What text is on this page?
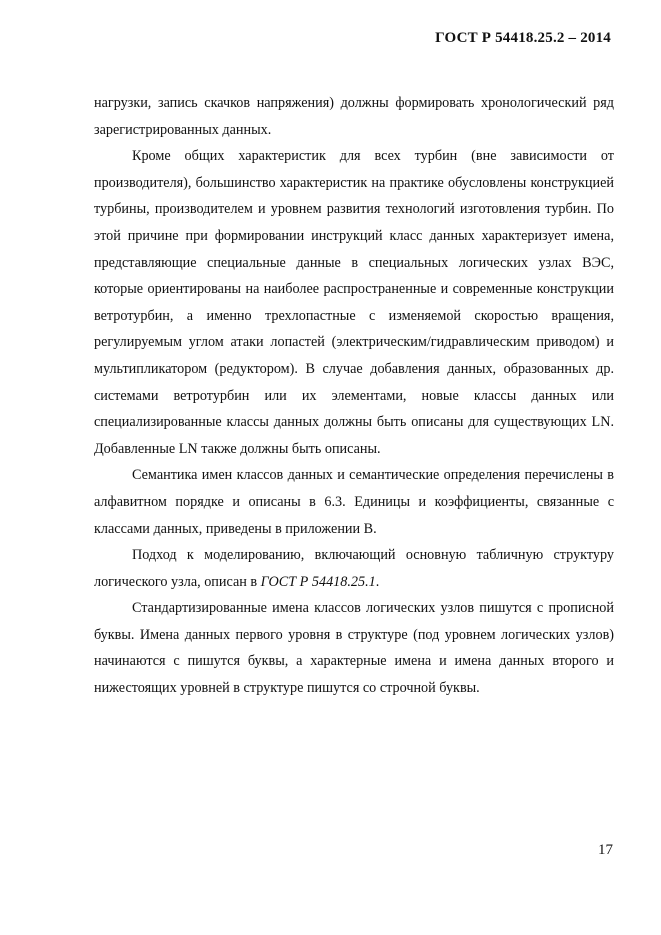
ГОСТ Р 54418.25.2 – 2014

нагрузки, запись скачков напряжения) должны формировать хронологический ряд зарегистрированных данных.

Кроме общих характеристик для всех турбин (вне зависимости от производителя), большинство характеристик на практике обусловлены конструкцией турбины, производителем и уровнем развития технологий изготовления турбин. По этой причине при формировании инструкций класс данных характеризует имена, представляющие специальные данные в специальных логических узлах ВЭС, которые ориентированы на наиболее распространенные и современные конструкции ветротурбин, а именно трехлопастные с изменяемой скоростью вращения, регулируемым углом атаки лопастей (электрическим/гидравлическим приводом) и мультипликатором (редуктором). В случае добавления данных, образованных др. системами ветротурбин или их элементами, новые классы данных или специализированные классы данных должны быть описаны для существующих LN. Добавленные LN также должны быть описаны.

Семантика имен классов данных и семантические определения перечислены в алфавитном порядке и описаны в 6.3. Единицы и коэффициенты, связанные с классами данных, приведены в приложении В.

Подход к моделированию, включающий основную табличную структуру логического узла, описан в ГОСТ Р 54418.25.1.

Стандартизированные имена классов логических узлов пишутся с прописной буквы. Имена данных первого уровня в структуре (под уровнем логических узлов) начинаются с пишутся буквы, а характерные имена и имена данных второго и нижестоящих уровней в структуре пишутся со строчной буквы.

17
